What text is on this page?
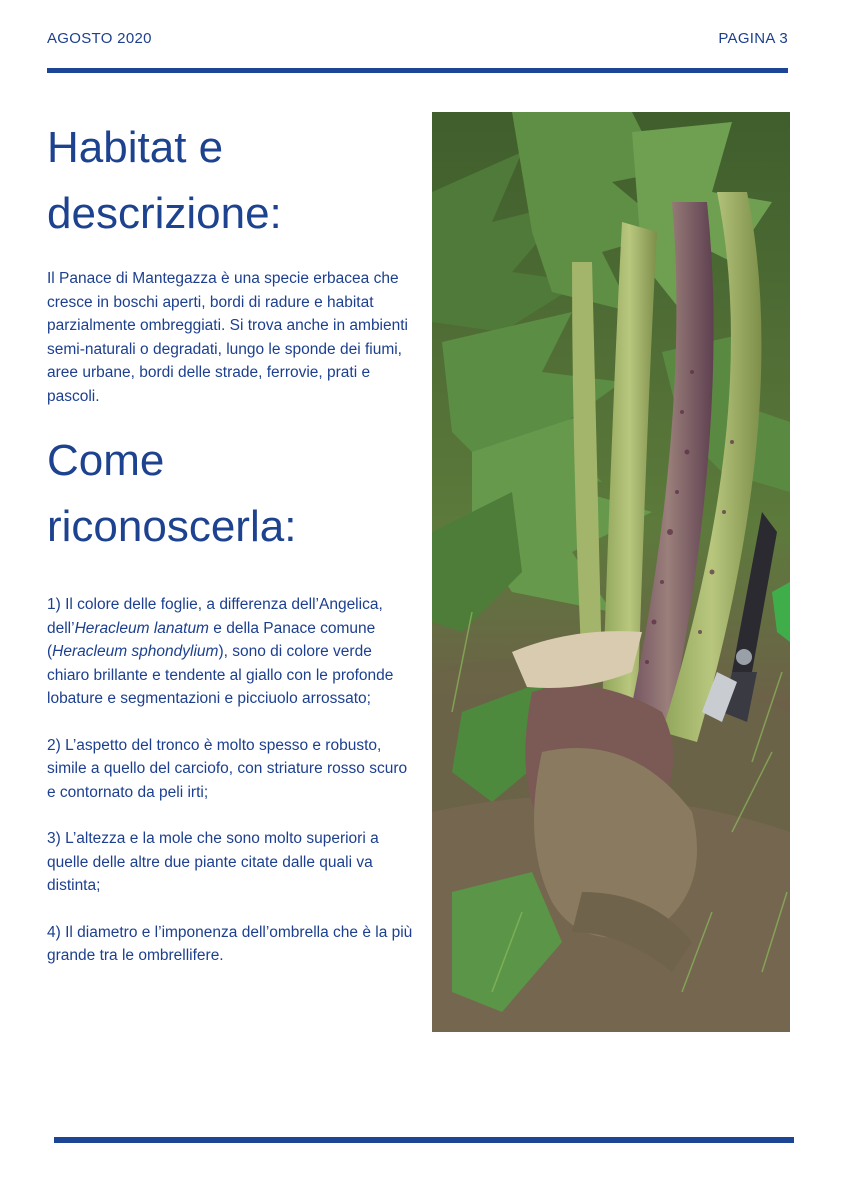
AGOSTO 2020	PAGINA 3
Habitat e
descrizione:

Il Panace di Mantegazza è una specie erbacea che cresce in boschi aperti, bordi di radure e habitat parzialmente ombreggiati. Si trova anche in ambienti semi-naturali o degradati, lungo le sponde dei fiumi, aree urbane, bordi delle strade, ferrovie, prati e pascoli.

Come
riconoscerla:

1) Il colore delle foglie, a differenza dell’Angelica, dell’Heracleum lanatum e della Panace comune (Heracleum sphondylium), sono di colore verde chiaro brillante e tendente al giallo con le profonde lobature e segmentazioni e picciuolo arrossato;

2) L’aspetto del tronco è molto spesso e robusto, simile a quello del carciofo, con striature rosso scuro e contornato da peli irti;

3) L’altezza e la mole che sono molto superiori a quelle delle altre due piante citate dalle quali va distinta;

4) Il diametro e l’imponenza dell’ombrella che è la più grande tra le ombrellifere.
